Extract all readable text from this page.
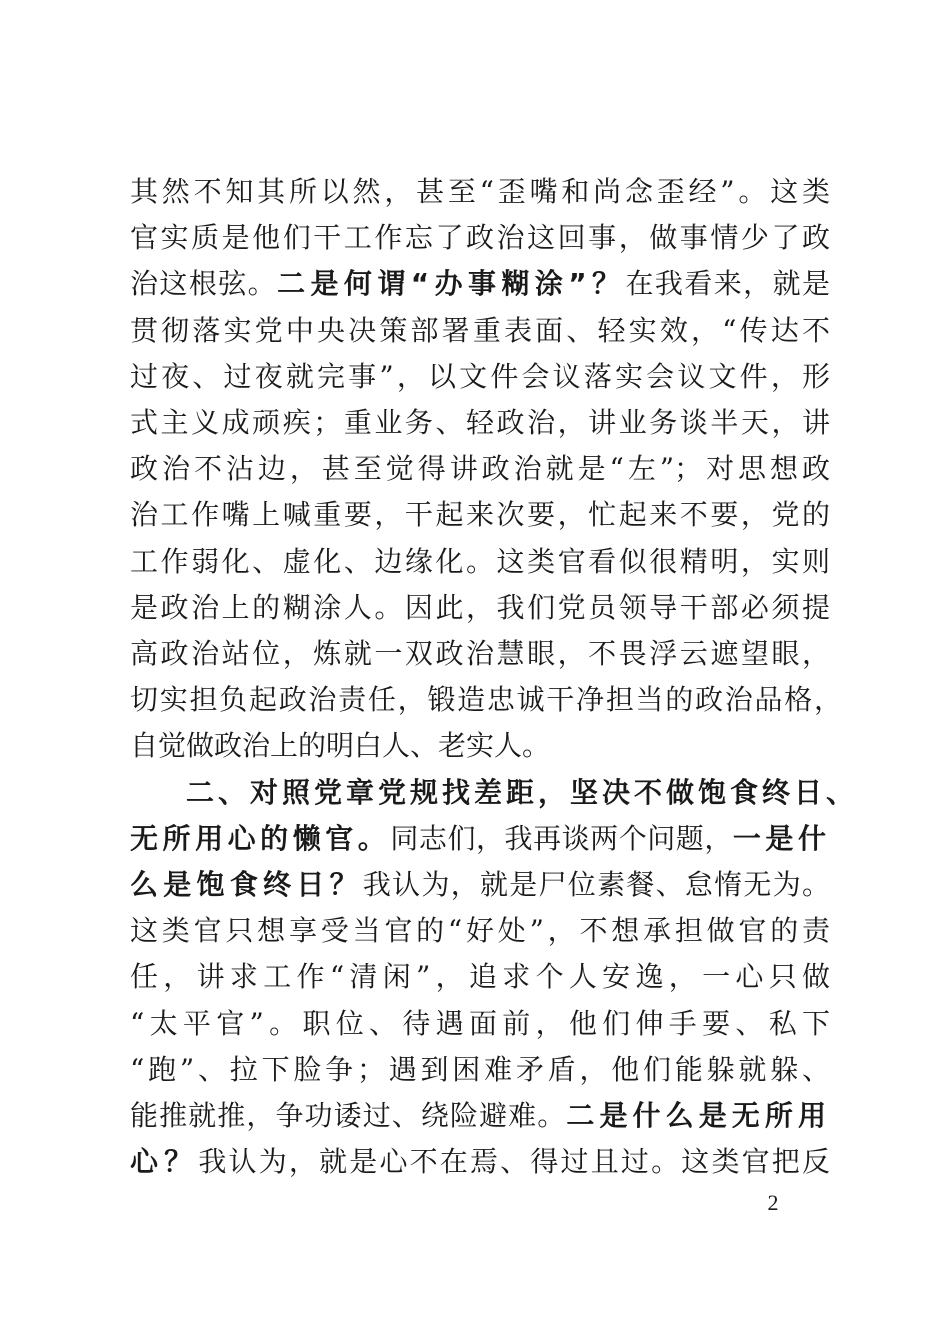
其然不知其所以然，甚至“歪嘴和尚念歪经”。这类
官实质是他们干工作忘了政治这回事，做事情少了政
治这根弦。二是何谓“办事糊涂”？在我看来，就是
贯彻落实党中央决策部署重表面、轻实效，“传达不
过夜、过夜就完事”，以文件会议落实会议文件，形
式主义成顽疾；重业务、轻政治，讲业务谈半天，讲
政治不沾边，甚至觉得讲政治就是“左”；对思想政
治工作嘴上喊重要，干起来次要，忙起来不要，党的
工作弱化、虚化、边缘化。这类官看似很精明，实则
是政治上的糊涂人。因此，我们党员领导干部必须提
高政治站位，炼就一双政治慧眼，不畏浮云遮望眼，
切实担负起政治责任，锻造忠诚干净担当的政治品格，
自觉做政治上的明白人、老实人。
二、对照党章党规找差距，坚决不做饱食终日、
无所用心的懒官。同志们，我再谈两个问题，一是什
么是饱食终日？我认为，就是尸位素餐、怠惰无为。
这类官只想享受当官的“好处”，不想承担做官的责
任，讲求工作“清闲”，追求个人安逸，一心只做
“太平官”。职位、待遇面前，他们伸手要、私下
“跑”、拉下脸争；遇到困难矛盾，他们能躲就躲、
能推就推，争功诿过、绕险避难。二是什么是无所用
心？我认为，就是心不在焉、得过且过。这类官把反
2
